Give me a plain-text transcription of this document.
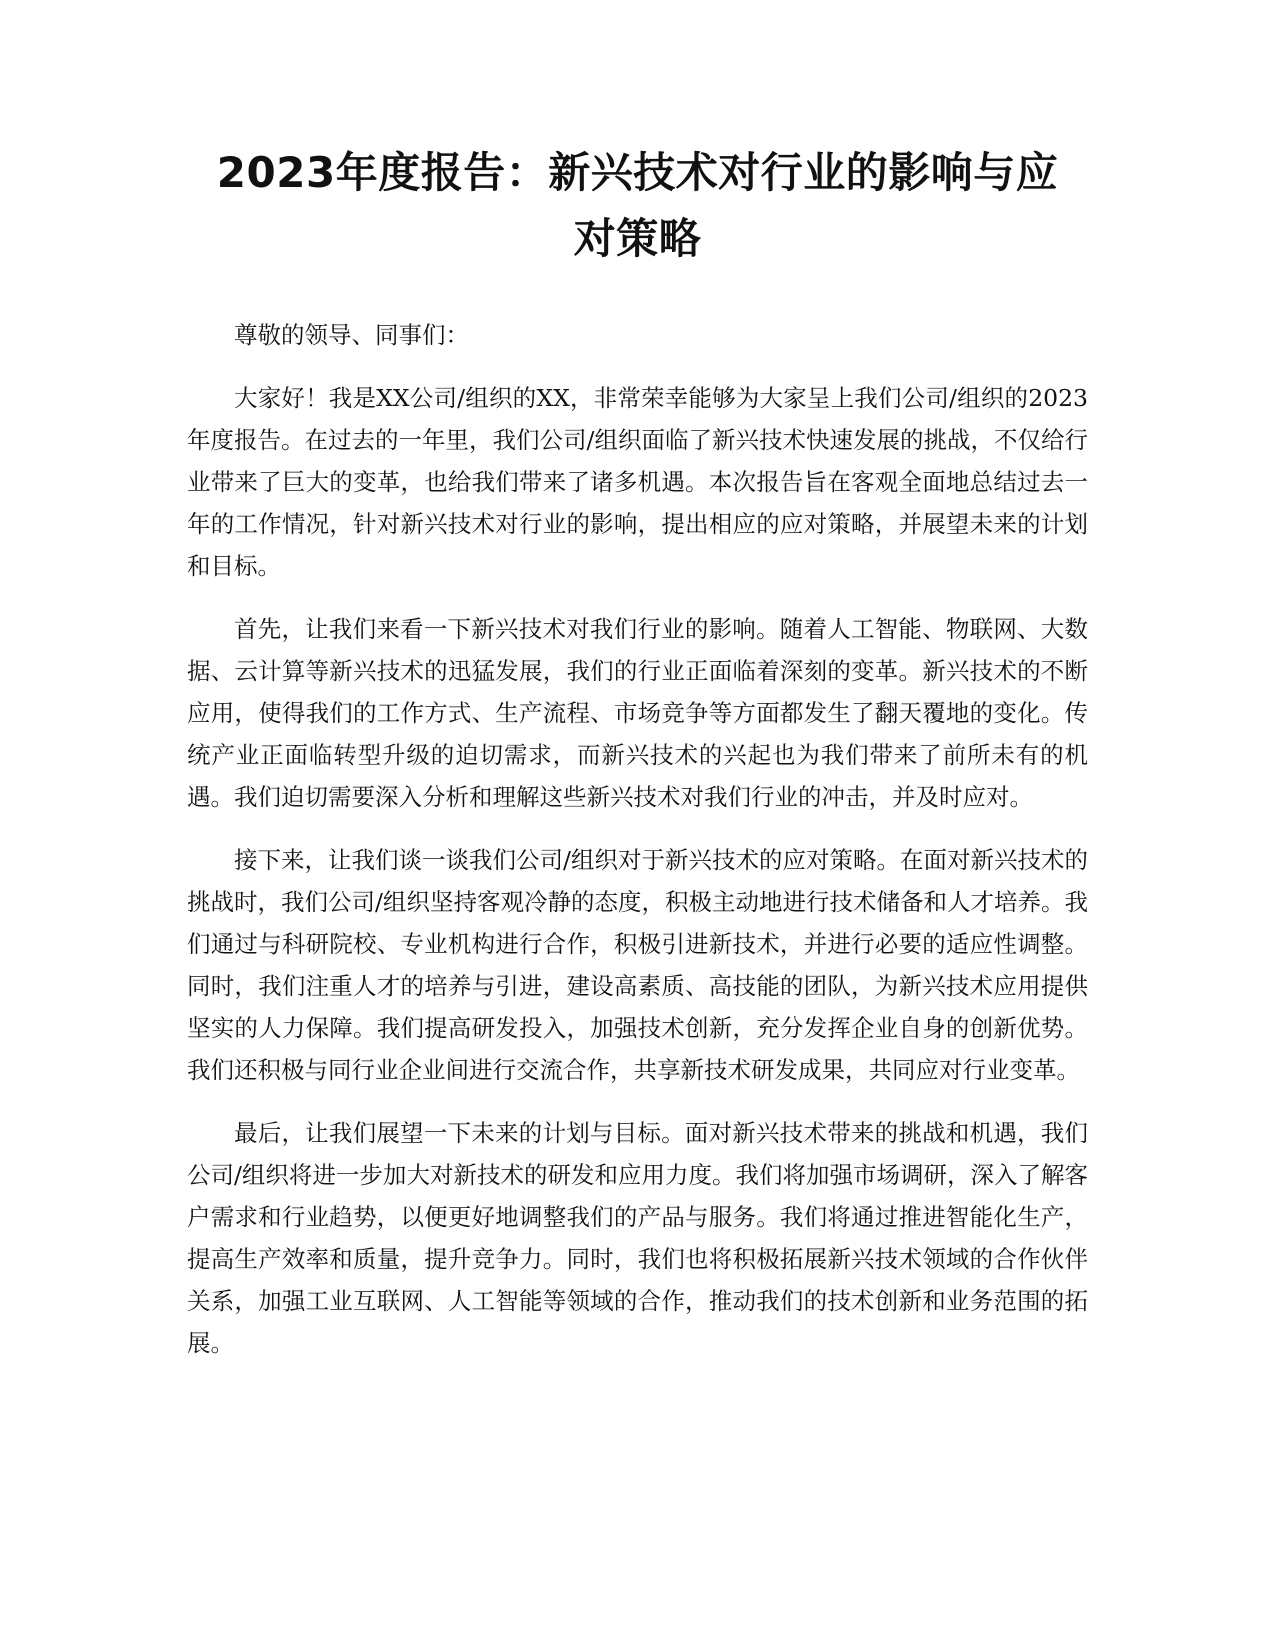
2023年度报告：新兴技术对行业的影响与应
对策略

尊敬的领导、同事们：

大家好！我是XX公司/组织的XX，非常荣幸能够为大家呈上我们公司/组织的2023年度报告。在过去的一年里，我们公司/组织面临了新兴技术快速发展的挑战，不仅给行业带来了巨大的变革，也给我们带来了诸多机遇。本次报告旨在客观全面地总结过去一年的工作情况，针对新兴技术对行业的影响，提出相应的应对策略，并展望未来的计划和目标。

首先，让我们来看一下新兴技术对我们行业的影响。随着人工智能、物联网、大数据、云计算等新兴技术的迅猛发展，我们的行业正面临着深刻的变革。新兴技术的不断应用，使得我们的工作方式、生产流程、市场竞争等方面都发生了翻天覆地的变化。传统产业正面临转型升级的迫切需求，而新兴技术的兴起也为我们带来了前所未有的机遇。我们迫切需要深入分析和理解这些新兴技术对我们行业的冲击，并及时应对。

接下来，让我们谈一谈我们公司/组织对于新兴技术的应对策略。在面对新兴技术的挑战时，我们公司/组织坚持客观冷静的态度，积极主动地进行技术储备和人才培养。我们通过与科研院校、专业机构进行合作，积极引进新技术，并进行必要的适应性调整。同时，我们注重人才的培养与引进，建设高素质、高技能的团队，为新兴技术应用提供坚实的人力保障。我们提高研发投入，加强技术创新，充分发挥企业自身的创新优势。我们还积极与同行业企业间进行交流合作，共享新技术研发成果，共同应对行业变革。

最后，让我们展望一下未来的计划与目标。面对新兴技术带来的挑战和机遇，我们公司/组织将进一步加大对新技术的研发和应用力度。我们将加强市场调研，深入了解客户需求和行业趋势，以便更好地调整我们的产品与服务。我们将通过推进智能化生产，提高生产效率和质量，提升竞争力。同时，我们也将积极拓展新兴技术领域的合作伙伴关系，加强工业互联网、人工智能等领域的合作，推动我们的技术创新和业务范围的拓展。
